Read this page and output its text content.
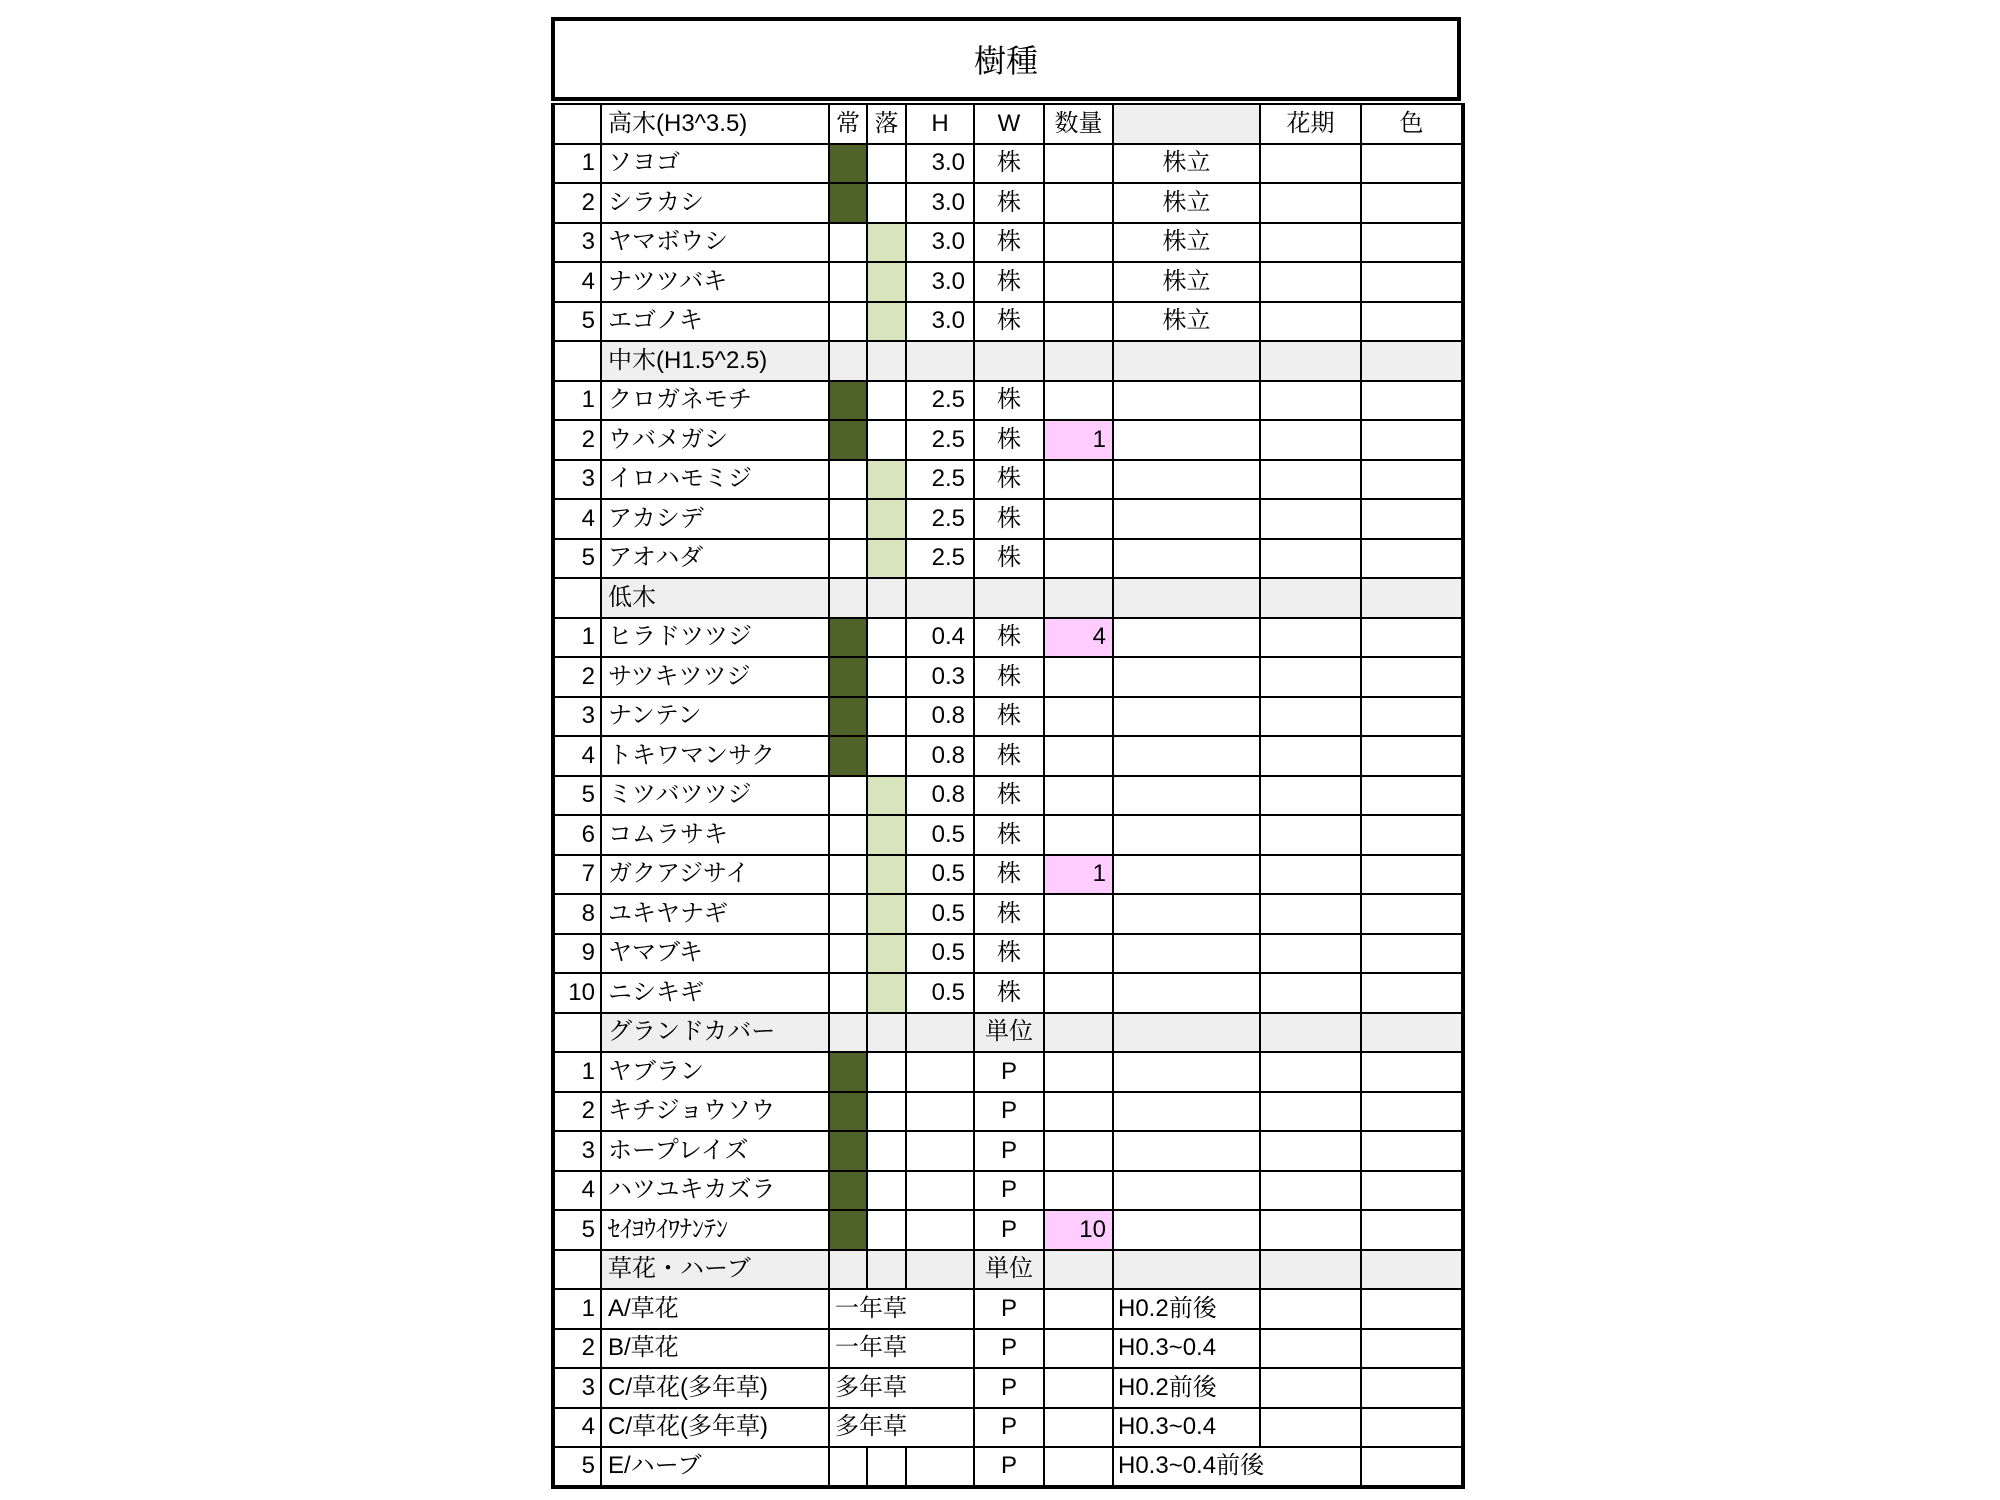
樹種
	高木(H3^3.5)	常	落	H	W	数量		花期	色
1	ソヨゴ			3.0	株		株立		
2	シラカシ			3.0	株		株立		
3	ヤマボウシ			3.0	株		株立		
4	ナツツバキ			3.0	株		株立		
5	エゴノキ			3.0	株		株立		
	中木(H1.5^2.5)								
1	クロガネモチ			2.5	株				
2	ウバメガシ			2.5	株	1			
3	イロハモミジ			2.5	株				
4	アカシデ			2.5	株				
5	アオハダ			2.5	株				
	低木								
1	ヒラドツツジ			0.4	株	4			
2	サツキツツジ			0.3	株				
3	ナンテン			0.8	株				
4	トキワマンサク			0.8	株				
5	ミツバツツジ			0.8	株				
6	コムラサキ			0.5	株				
7	ガクアジサイ			0.5	株	1			
8	ユキヤナギ			0.5	株				
9	ヤマブキ			0.5	株				
10	ニシキギ			0.5	株				
	グランドカバー				単位				
1	ヤブラン				P				
2	キチジョウソウ				P				
3	ホープレイズ				P				
4	ハツユキカズラ				P				
5	ｾｲﾖｳｲﾜﾅﾝﾃﾝ				P	10			
	草花・ハーブ				単位				
1	A/草花	一年草			P		H0.2前後		
2	B/草花	一年草			P		H0.3~0.4		
3	C/草花(多年草)	多年草			P		H0.2前後		
4	C/草花(多年草)	多年草			P		H0.3~0.4		
5	E/ハーブ				P		H0.3~0.4前後		
